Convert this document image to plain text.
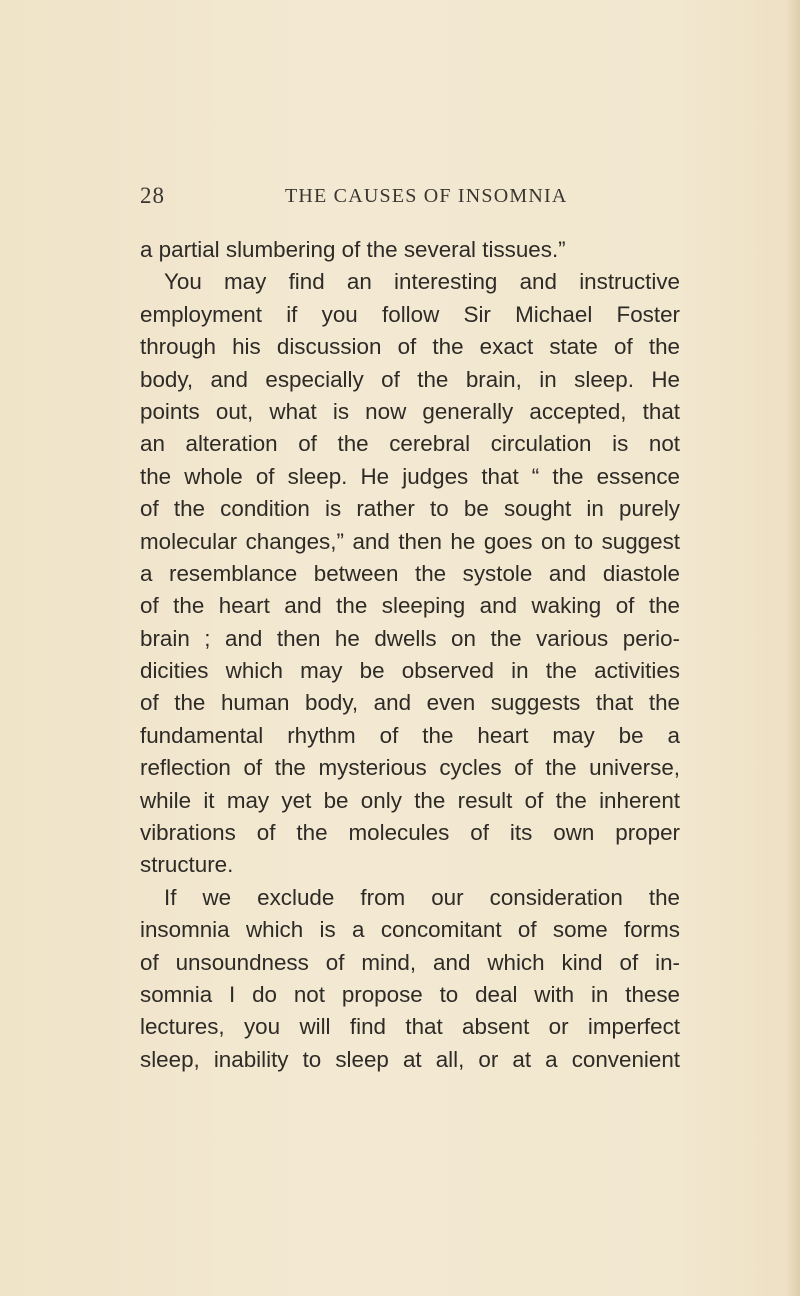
28	THE CAUSES OF INSOMNIA
a partial slumbering of the several tissues.”
You may find an interesting and instructive
employment if you follow Sir Michael Foster
through his discussion of the exact state of the
body, and especially of the brain, in sleep. He
points out, what is now generally accepted, that
an alteration of the cerebral circulation is not
the whole of sleep. He judges that “ the essence
of the condition is rather to be sought in purely
molecular changes,” and then he goes on to suggest
a resemblance between the systole and diastole
of the heart and the sleeping and waking of the
brain ; and then he dwells on the various perio-
dicities which may be observed in the activities
of the human body, and even suggests that the
fundamental rhythm of the heart may be a
reflection of the mysterious cycles of the universe,
while it may yet be only the result of the inherent
vibrations of the molecules of its own proper
structure.
If we exclude from our consideration the
insomnia which is a concomitant of some forms
of unsoundness of mind, and which kind of in-
somnia I do not propose to deal with in these
lectures, you will find that absent or imperfect
sleep, inability to sleep at all, or at a convenient
